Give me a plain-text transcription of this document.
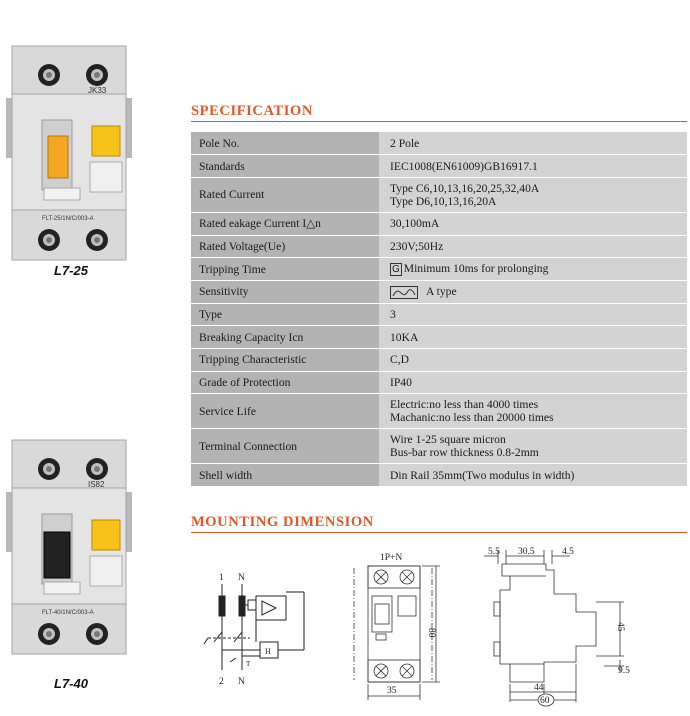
JK33
FLT-25/1N/C/003-A
L7-25
IS82
FLT-40/1N/C/003-A
L7-40
SPECIFICATION
Pole No.	2 Pole
Standards	IEC1008(EN61009)GB16917.1
Rated Current	Type C6,10,13,16,20,25,32,40A
Type D6,10,13,16,20A

Rated eakage Current I△n	30,100mA
Rated Voltage(Ue)	230V;50Hz
Tripping Time	G Minimum 10ms for prolonging
Sensitivity	A type
Type	3
Breaking Capacity Icn	10KA
Tripping Characteristic	C,D
Grade of Protection	IP40
Service Life	Electric:no less than 4000 times
Machanic:no less than 20000 times

Terminal Connection	Wire 1-25 square micron
Bus-bar row thickness 0.8-2mm

Shell width	Din Rail 35mm(Two modulus in width)
MOUNTING DIMENSION
1 N
2 N
T
H
1P+N
80
35
5.5 30.5	4.5
45
9.5
44
60
